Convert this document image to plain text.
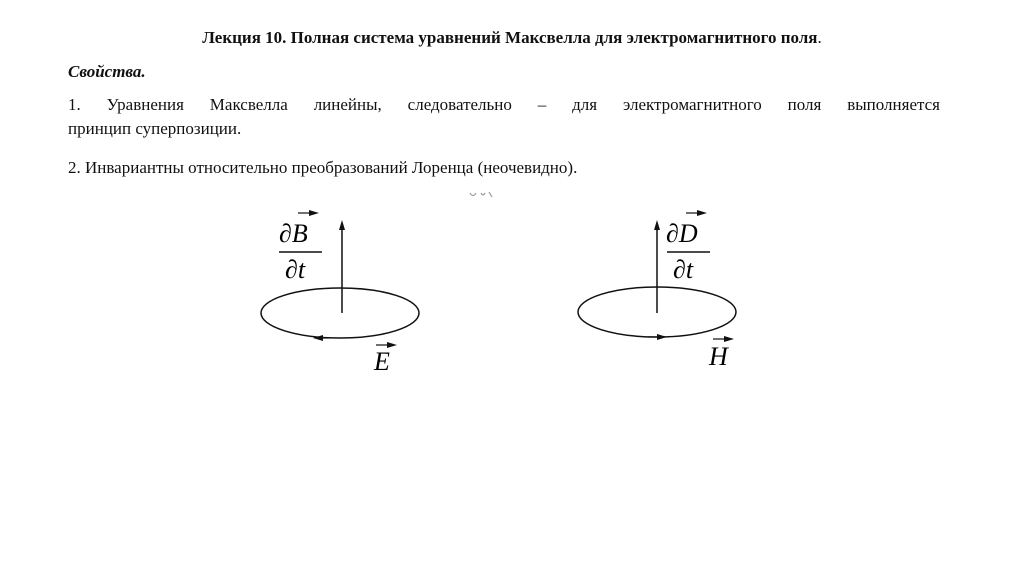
Лекция 10. Полная система уравнений Максвелла для электромагнитного поля.
Свойства.
1. Уравнения Максвелла линейны, следовательно – для электромагнитного поля выполняется
принцип суперпозиции.
2. Инвариантны относительно преобразований Лоренца (неочевидно).
∂B
∂t
E
∂D
∂t
H
